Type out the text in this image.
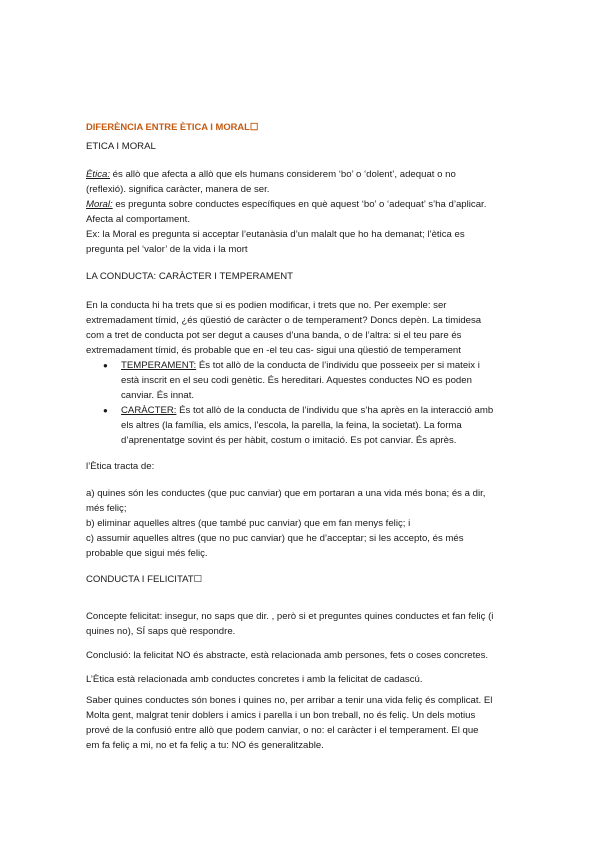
DIFERÈNCIA ENTRE ÈTICA I MORAL☐
ETICA I MORAL
Ètica: és allò que afecta a allò que els humans considerem ‘bo’ o ‘dolent’, adequat o no
(reflexió). significa caràcter, manera de ser.
Moral: es pregunta sobre conductes específiques en què aquest ‘bo’ o ‘adequat’ s’ha d’aplicar.
Afecta al comportament.
Ex: la Moral es pregunta si acceptar l’eutanàsia d’un malalt que ho ha demanat; l’ètica es
pregunta pel ‘valor’ de la vida i la mort
LA CONDUCTA: CARÀCTER I TEMPERAMENT
En la conducta hi ha trets que si es podien modificar, i trets que no. Per exemple: ser
extremadament tímid, ¿és qüestió de caràcter o de temperament? Doncs depèn. La timidesa
com a tret de conducta pot ser degut a causes d’una banda, o de l’altra: si el teu pare és
extremadament tímid, és probable que en -el teu cas- sigui una qüestió de temperament
● TEMPERAMENT: És tot allò de la conducta de l’individu que posseeix per si mateix i
està inscrit en el seu codi genètic. És hereditari. Aquestes conductes NO es poden
canviar. És innat.
● CARÀCTER: És tot allò de la conducta de l’individu que s’ha après en la interacció amb
els altres (la família, els amics, l’escola, la parella, la feina, la societat). La forma
d’aprenentatge sovint és per hàbit, costum o imitació. Es pot canviar. És après.
l’Ètica tracta de:
a) quines són les conductes (que puc canviar) que em portaran a una vida més bona; és a dir,
més feliç;
b) eliminar aquelles altres (que també puc canviar) que em fan menys feliç; i
c) assumir aquelles altres (que no puc canviar) que he d’acceptar; si les accepto, és més
probable que sigui més feliç.
CONDUCTA I FELICITAT☐
Concepte felicitat: insegur, no saps que dir. , però si et preguntes quines conductes et fan feliç (i
quines no), SÍ saps què respondre.
Conclusió: la felicitat NO és abstracte, està relacionada amb persones, fets o coses concretes.
L’Ètica està relacionada amb conductes concretes i amb la felicitat de cadascú.
Saber quines conductes són bones i quines no, per arribar a tenir una vida feliç és complicat. El
Molta gent, malgrat tenir doblers i amics i parella i un bon treball, no és feliç. Un dels motius
prové de la confusió entre allò que podem canviar, o no: el caràcter i el temperament. El que
em fa feliç a mi, no et fa feliç a tu: NO és generalitzable.
